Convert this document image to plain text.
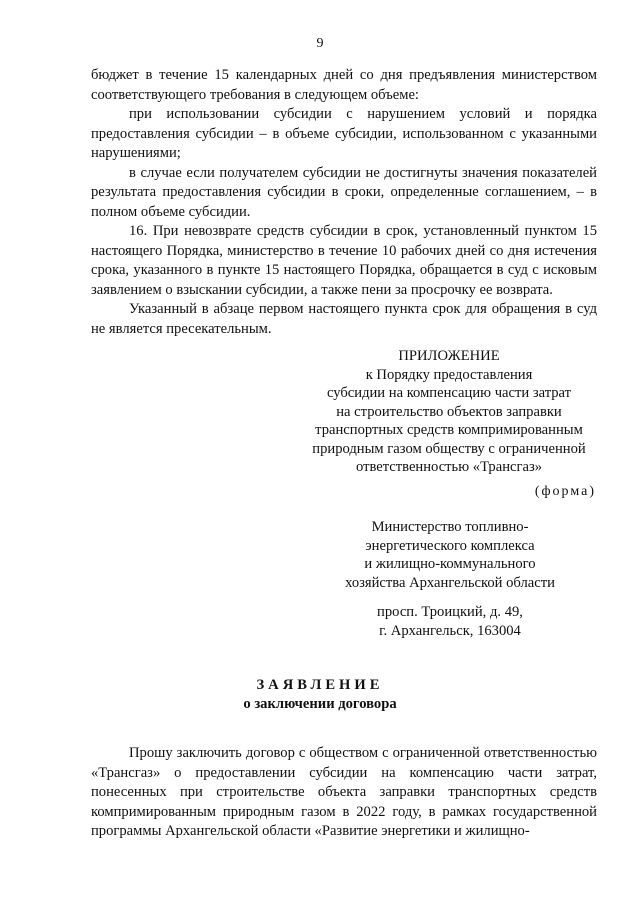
9

бюджет в течение 15 календарных дней со дня предъявления министерством соответствующего требования в следующем объеме:

при использовании субсидии с нарушением условий и порядка предоставления субсидии – в объеме субсидии, использованном с указанными нарушениями;

в случае если получателем субсидии не достигнуты значения показателей результата предоставления субсидии в сроки, определенные соглашением, – в полном объеме субсидии.

16. При невозврате средств субсидии в срок, установленный пунктом 15 настоящего Порядка, министерство в течение 10 рабочих дней со дня истечения срока, указанного в пункте 15 настоящего Порядка, обращается в суд с исковым заявлением о взыскании субсидии, а также пени за просрочку ее возврата.

Указанный в абзаце первом настоящего пункта срок для обращения в суд не является пресекательным.

ПРИЛОЖЕНИЕ
к Порядку предоставления
субсидии на компенсацию части затрат
на строительство объектов заправки
транспортных средств компримированным
природным газом обществу с ограниченной
ответственностью «Трансгаз»
(форма)
Министерство топливно-
энергетического комплекса
и жилищно-коммунального
хозяйства Архангельской области
просп. Троицкий, д. 49,
г. Архангельск, 163004
ЗАЯВЛЕНИЕ
о заключении договора

Прошу заключить договор с обществом с ограниченной ответственностью «Трансгаз» о предоставлении субсидии на компенсацию части затрат, понесенных при строительстве объекта заправки транспортных средств компримированным природным газом в 2022 году, в рамках государственной программы Архангельской области «Развитие энергетики и жилищно-
